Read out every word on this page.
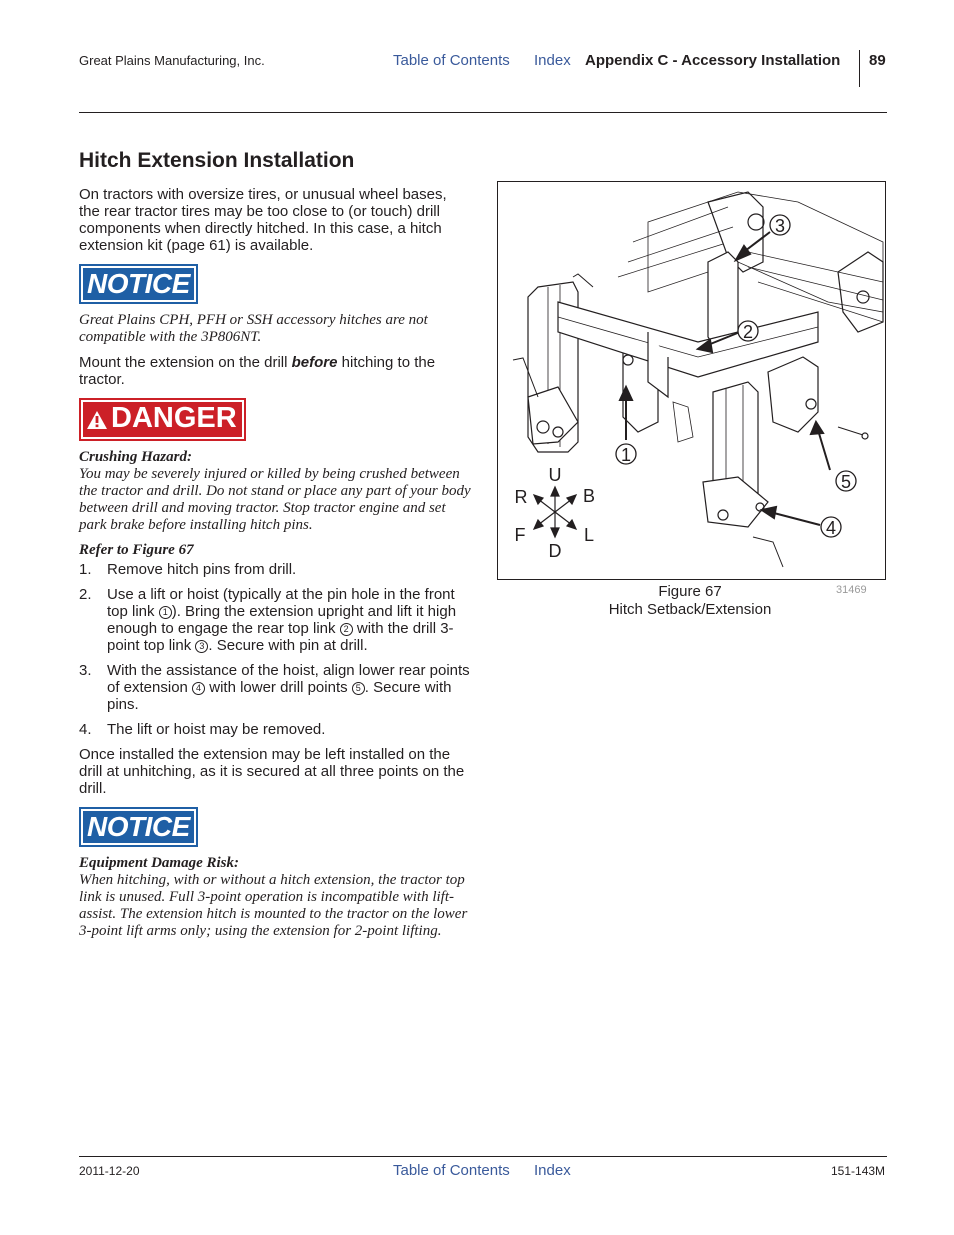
Great Plains Manufacturing, Inc.	Table of Contents Index Appendix C - Accessory Installation 89
Hitch Extension Installation

On tractors with oversize tires, or unusual wheel bases, the rear tractor tires may be too close to (or touch) drill components when directly hitched. In this case, a hitch extension kit (page 61) is available.

NOTICE

Great Plains CPH, PFH or SSH accessory hitches are not compatible with the 3P806NT.

Mount the extension on the drill before hitching to the tractor.

DANGER

Crushing Hazard:

You may be severely injured or killed by being crushed between the tractor and drill. Do not stand or place any part of your body between drill and moving tractor. Stop tractor engine and set park brake before installing hitch pins.

Refer to Figure 67

1. Remove hitch pins from drill.
2. Use a lift or hoist (typically at the pin hole in the front top link 1 ). Bring the extension upright and lift it high enough to engage the rear top link 2 with the drill 3-point top link 3 . Secure with pin at drill.
3. With the assistance of the hoist, align lower rear points of extension 4 with lower drill points 5 . Secure with pins.
4. The lift or hoist may be removed.

Once installed the extension may be left installed on the drill at unhitching, as it is secured at all three points on the drill.

NOTICE

Equipment Damage Risk:

When hitching, with or without a hitch extension, the tractor top link is unused. Full 3-point operation is incompatible with lift-assist. The extension hitch is mounted to the tractor on the lower 3-point lift arms only; using the extension for 2-point lifting.

1
2
3
4
5
U
D
R	B
F	L
Figure 67
Hitch Setback/Extension
31469
2011-12-20	Table of Contents Index	151-143M
